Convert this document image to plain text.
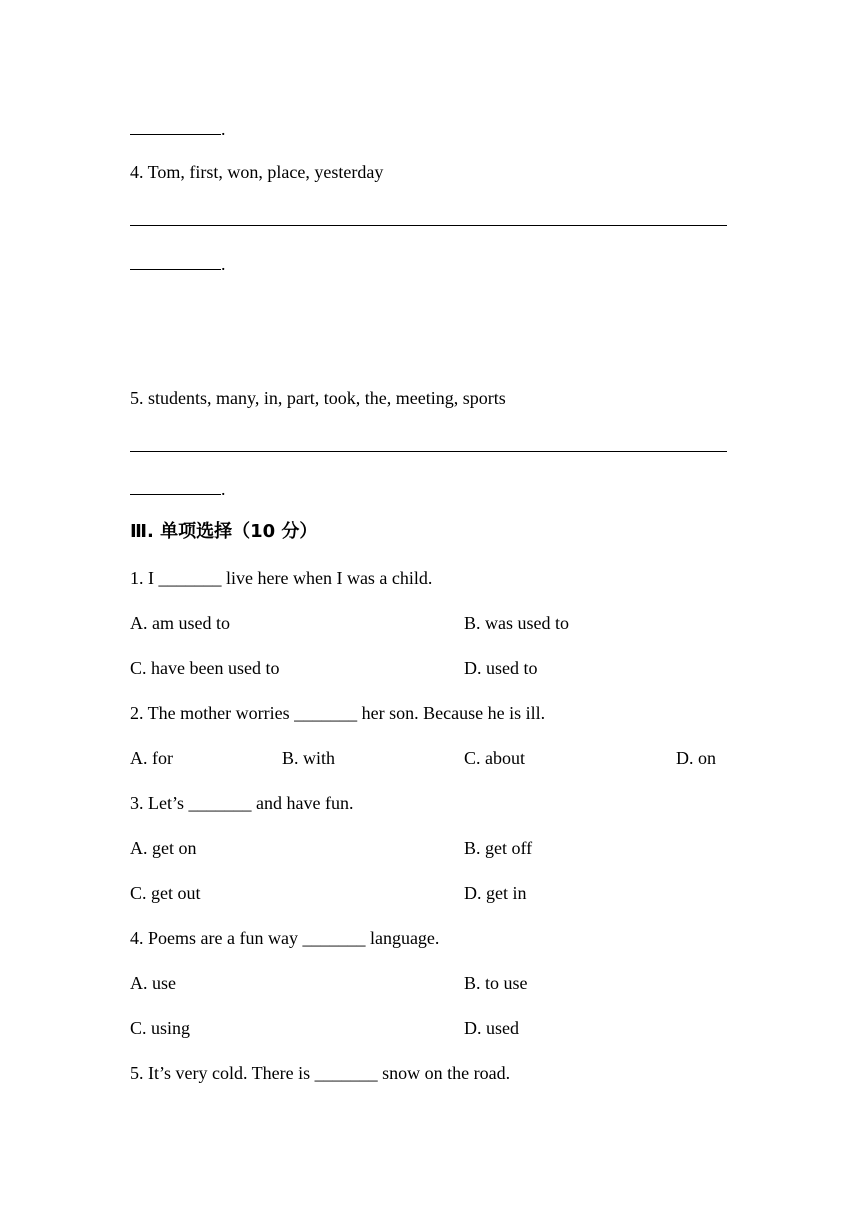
.
4. Tom, first, won, place, yesterday
.
5. students, many, in, part, took, the, meeting, sports
.
Ⅲ. 单项选择（10 分）
1. I _______ live here when I was a child.
A. am used to	B. was used to
C. have been used to	D. used to
2. The mother worries _______ her son. Because he is ill.
A. for	B. with	C. about	D. on
3. Let’s _______ and have fun.
A. get on	B. get off
C. get out	D. get in
4. Poems are a fun way _______ language.
A. use	B. to use
C. using	D. used
5. It’s very cold. There is _______ snow on the road.
